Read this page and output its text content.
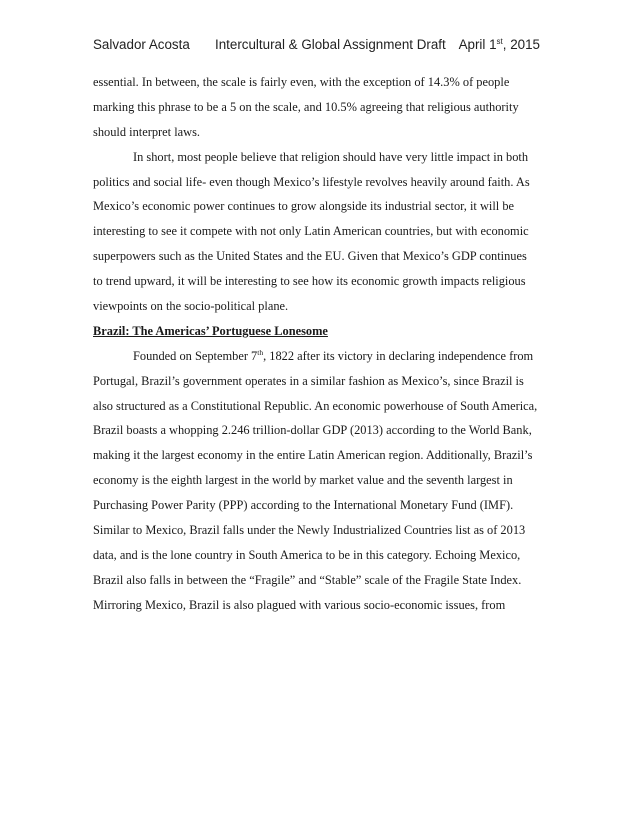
Salvador Acosta Intercultural & Global Assignment Draft April 1st, 2015
essential. In between, the scale is fairly even, with the exception of 14.3% of people
marking this phrase to be a 5 on the scale, and 10.5% agreeing that religious authority
should interpret laws.
In short, most people believe that religion should have very little impact in both
politics and social life- even though Mexico’s lifestyle revolves heavily around faith. As
Mexico’s economic power continues to grow alongside its industrial sector, it will be
interesting to see it compete with not only Latin American countries, but with economic
superpowers such as the United States and the EU. Given that Mexico’s GDP continues
to trend upward, it will be interesting to see how its economic growth impacts religious
viewpoints on the socio-political plane.
Brazil: The Americas’ Portuguese Lonesome
Founded on September 7th, 1822 after its victory in declaring independence from
Portugal, Brazil’s government operates in a similar fashion as Mexico’s, since Brazil is
also structured as a Constitutional Republic. An economic powerhouse of South America,
Brazil boasts a whopping 2.246 trillion-dollar GDP (2013) according to the World Bank,
making it the largest economy in the entire Latin American region. Additionally, Brazil’s
economy is the eighth largest in the world by market value and the seventh largest in
Purchasing Power Parity (PPP) according to the International Monetary Fund (IMF).
Similar to Mexico, Brazil falls under the Newly Industrialized Countries list as of 2013
data, and is the lone country in South America to be in this category. Echoing Mexico,
Brazil also falls in between the “Fragile” and “Stable” scale of the Fragile State Index.
Mirroring Mexico, Brazil is also plagued with various socio-economic issues, from
